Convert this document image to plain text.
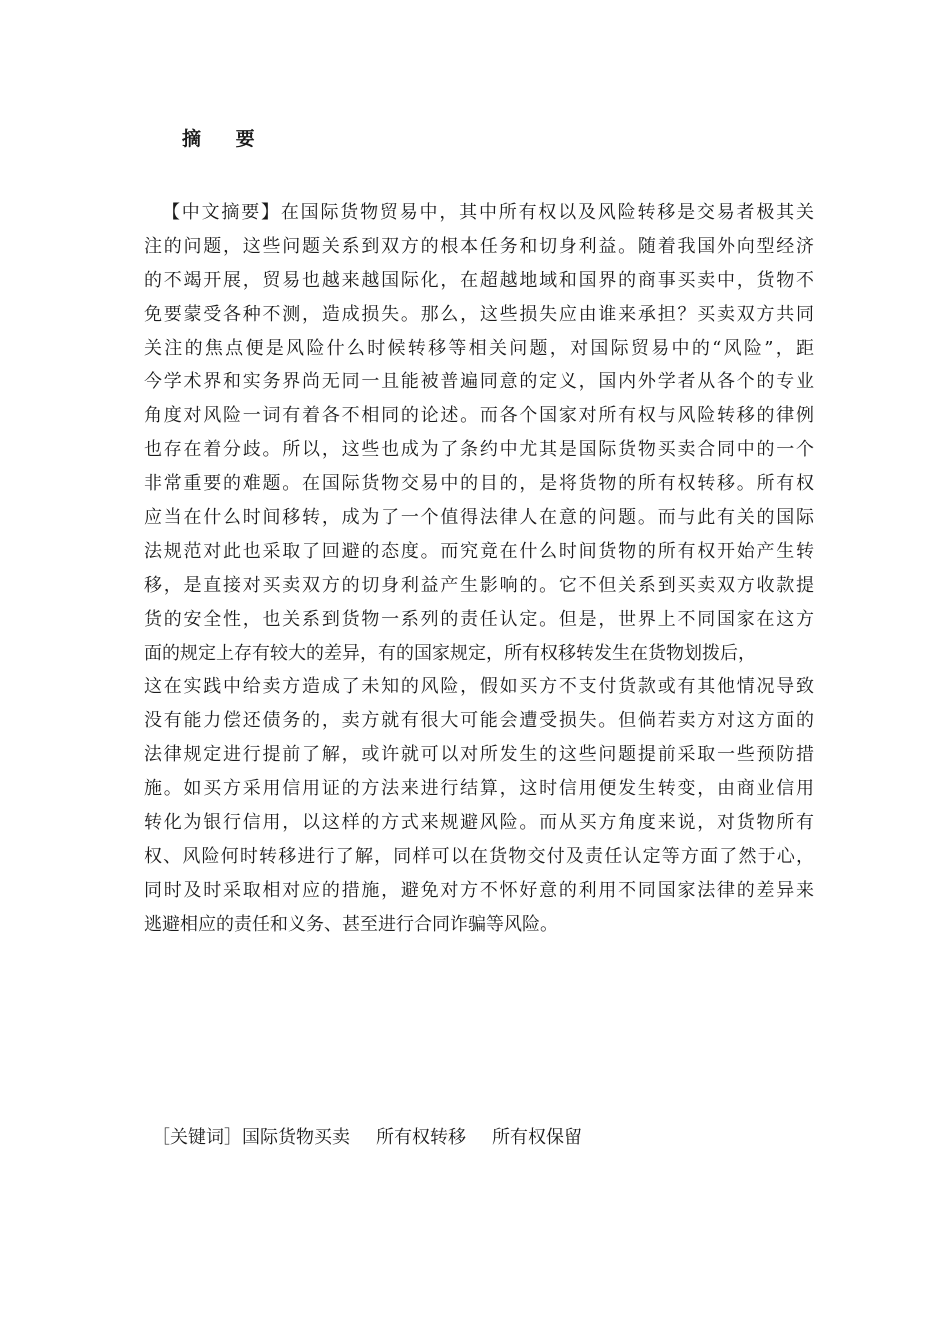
摘 要
【中文摘要】在国际货物贸易中，其中所有权以及风险转移是交易者极其关
注的问题，这些问题关系到双方的根本任务和切身利益。随着我国外向型经济
的不竭开展，贸易也越来越国际化，在超越地域和国界的商事买卖中，货物不
免要蒙受各种不测，造成损失。那么，这些损失应由谁来承担？买卖双方共同
关注的焦点便是风险什么时候转移等相关问题，对国际贸易中的“风险”，距
今学术界和实务界尚无同一且能被普遍同意的定义，国内外学者从各个的专业
角度对风险一词有着各不相同的论述。而各个国家对所有权与风险转移的律例
也存在着分歧。所以，这些也成为了条约中尤其是国际货物买卖合同中的一个
非常重要的难题。在国际货物交易中的目的，是将货物的所有权转移。所有权
应当在什么时间移转，成为了一个值得法律人在意的问题。而与此有关的国际
法规范对此也采取了回避的态度。而究竟在什么时间货物的所有权开始产生转
移，是直接对买卖双方的切身利益产生影响的。它不但关系到买卖双方收款提
货的安全性，也关系到货物一系列的责任认定。但是，世界上不同国家在这方
面的规定上存有较大的差异，有的国家规定，所有权移转发生在货物划拨后，
这在实践中给卖方造成了未知的风险，假如买方不支付货款或有其他情况导致
没有能力偿还债务的，卖方就有很大可能会遭受损失。但倘若卖方对这方面的
法律规定进行提前了解，或许就可以对所发生的这些问题提前采取一些预防措
施。如买方采用信用证的方法来进行结算，这时信用便发生转变，由商业信用
转化为银行信用，以这样的方式来规避风险。而从买方角度来说，对货物所有
权、风险何时转移进行了解，同样可以在货物交付及责任认定等方面了然于心，
同时及时采取相对应的措施，避免对方不怀好意的利用不同国家法律的差异来
逃避相应的责任和义务、甚至进行合同诈骗等风险。
［关键词］国际货物买卖 所有权转移 所有权保留
